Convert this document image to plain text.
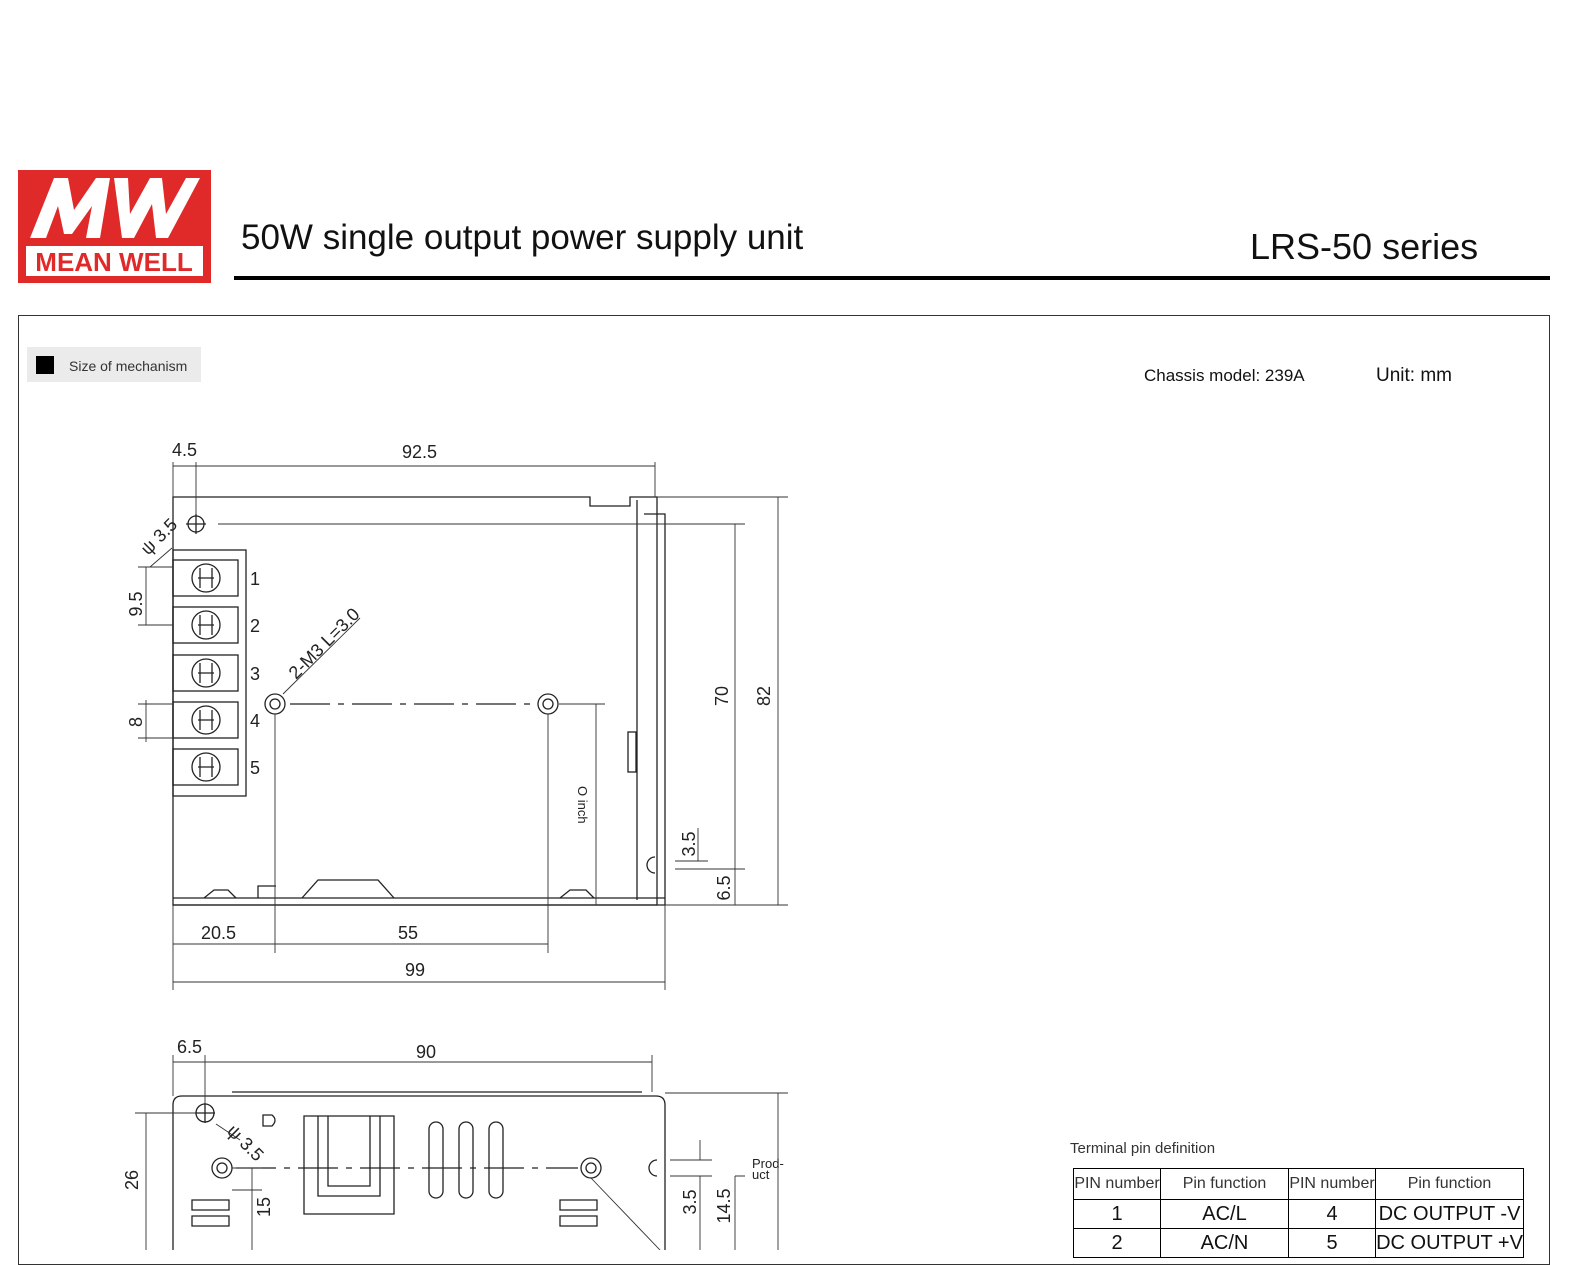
MEAN WELL
50W single output power supply unit	LRS-50 series
Size of mechanism	Chassis model: 239A	Unit: mm
4.5	92.5
9.5
8
70 82
3.5
6.5
20.5	55
99
ψ 3.5
2-M3 L=3.0
O inch
1
2
3
4
5
6.5	90
26
15	3.5 14.5
ψ 3.5	Prod-
uct
Terminal pin definition
PIN number	Pin function	PIN number	Pin function
1	AC/L	4	DC OUTPUT -V
2	AC/N	5	DC OUTPUT +V
